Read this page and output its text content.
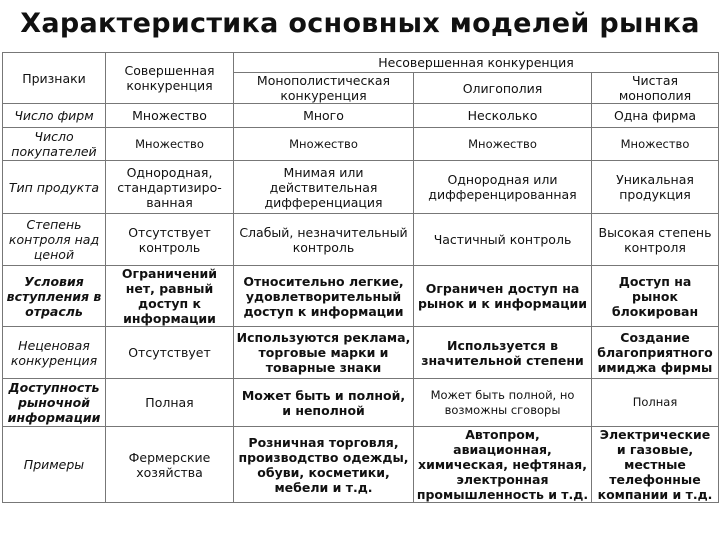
Характеристика основных моделей рынка
Признаки	Совершенная конкуренция	Несовершенная конкуренция		
		Монополистическая конкуренция	Олигополия	Чистая монополия
Число фирм	Множество	Много	Несколько	Одна фирма
Число покупателей	Множество	Множество	Множество	Множество
Тип продукта	Однородная, стандартизиро-ванная	Мнимая или действительная дифференциация	Однородная или дифференцированная	Уникальная продукция
Степень контроля над ценой	Отсутствует контроль	Слабый, незначительный контроль	Частичный контроль	Высокая степень контроля
Условия вступления в отрасль	Ограничений нет, равный доступ к информации	Относительно легкие, удовлетворительный доступ к информации	Ограничен доступ на рынок и к информации	Доступ на рынок блокирован
Неценовая конкуренция	Отсутствует	Используются реклама, торговые марки и товарные знаки	Используется в значительной степени	Создание благоприятного имиджа фирмы
Доступность рыночной информации	Полная	Может быть и полной, и неполной	Может быть полной, но возможны сговоры	Полная
Примеры	Фермерские хозяйства	Розничная торговля, производство одежды, обуви, косметики, мебели и т.д.	Автопром, авиационная, химическая, нефтяная, электронная промышленность и т.д.	Электрические и газовые, местные телефонные компании и т.д.
